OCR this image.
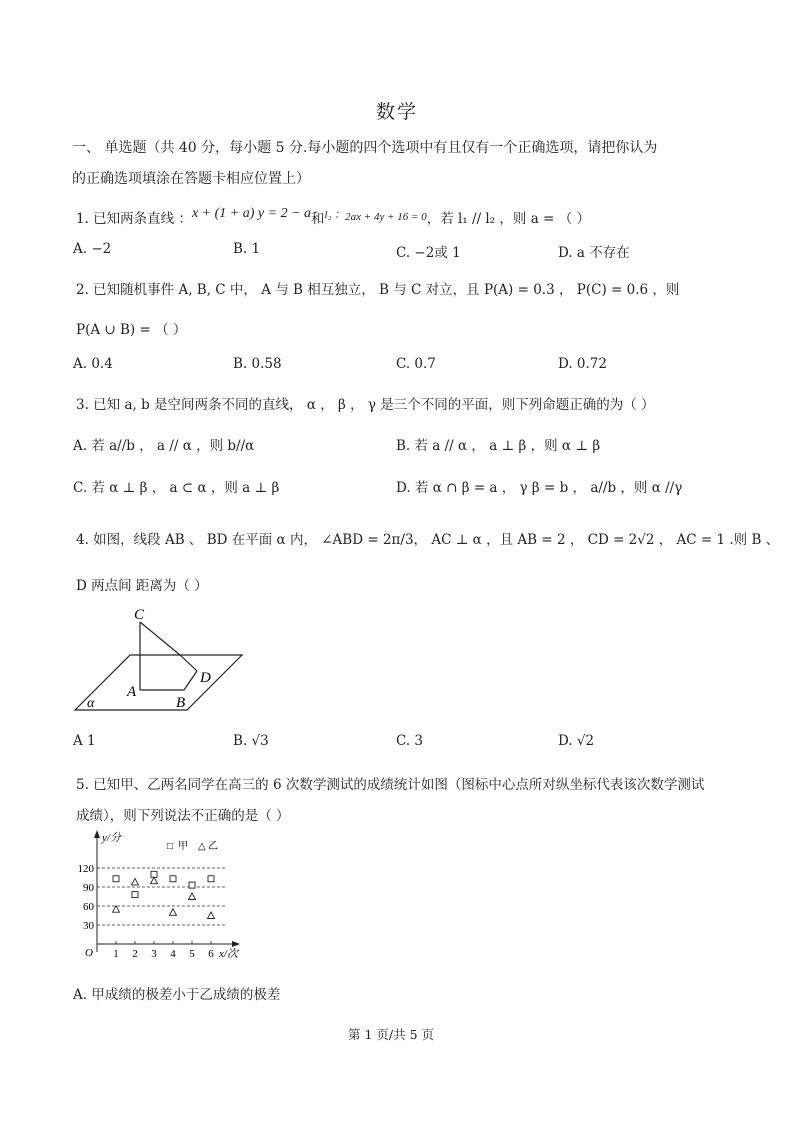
数学
一、 单选题（共 40 分，每小题 5 分.每小题的四个选项中有且仅有一个正确选项，请把你认为
的正确选项填涂在答题卡相应位置上）
1. 已知两条直线 ：x + (1 + a) y = 2 − a和$^{l_2 :2ax + 4y + 16 = 0}$，若 l₁ // l₂ ，则 a = （ ）
A. −2	B. 1	C. −2或 1	D. a 不存在
2. 已知随机事件 A, B, C 中， A 与 B 相互独立， B 与 C 对立，且 P(A) = 0.3 ， P(C) = 0.6 ，则
P(A ∪ B) = （ ）
A. 0.4	B. 0.58	C. 0.7	D. 0.72
3. 已知 a, b 是空间两条不同的直线， α ， β ， γ 是三个不同的平面，则下列命题正确的为（ ）
A. 若 a//b ， a // α ，则 b//α	B. 若 a // α ， a ⊥ β ，则 α ⊥ β
C. 若 α ⊥ β ， a ⊂ α ，则 a ⊥ β	D. 若 α ∩ β = a ， γ β = b ， a//b ，则 α //γ
4. 如图，线段 AB 、 BD 在平面 α 内， ∠ABD = 2π/3， AC ⊥ α ，且 AB = 2 ， CD = 2√2 ， AC = 1 .则 B 、
D 两点间 距离为（ ）
C
A
B
D
α
A 1	B. √3	C. 3	D. √2
5. 已知甲、乙两名同学在高三的 6 次数学测试的成绩统计如图（图标中心点所对纵坐标代表该次数学测试
成绩），则下列说法不正确的是（ ）
y/分
x/次
O
□ 甲 △ 乙
120
90
60
30
1 2 3 4 5 6
A. 甲成绩的极差小于乙成绩的极差
第 1 页/共 5 页
